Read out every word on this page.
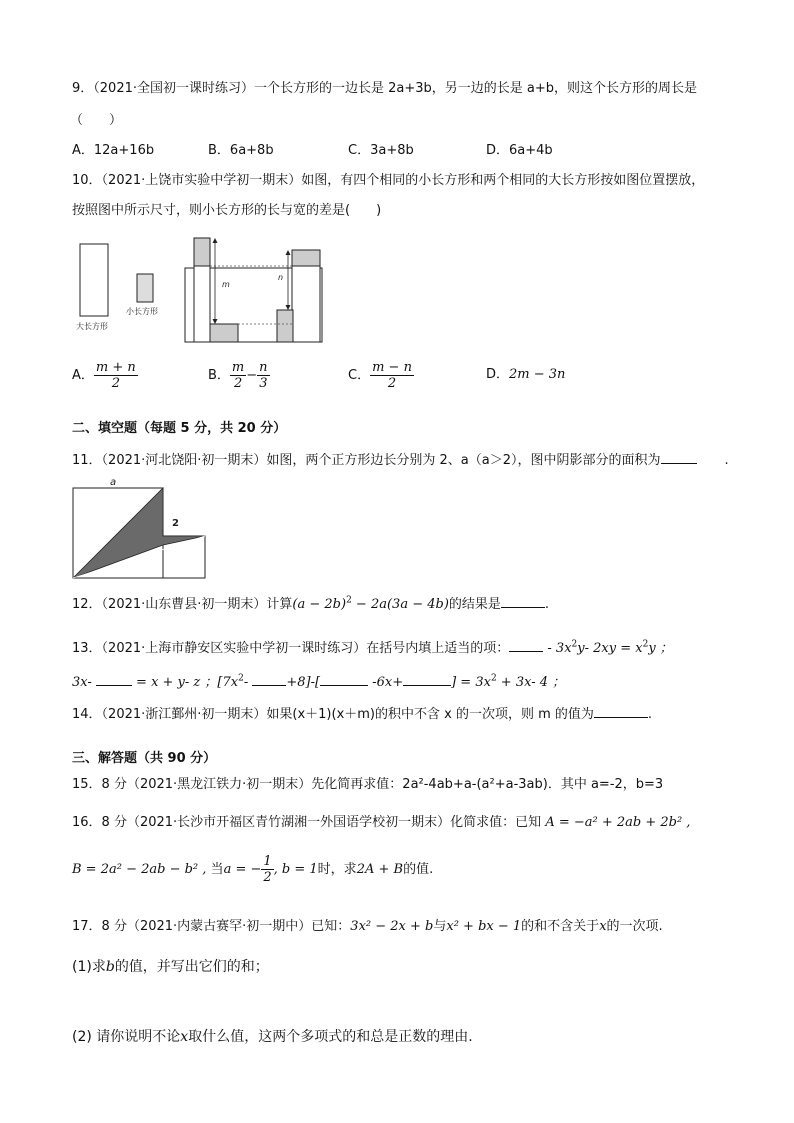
9．（2021·全国初一课时练习）一个长方形的一边长是 2a+3b，另一边的长是 a+b，则这个长方形的周长是
（　　）
A．12a+16b	B．6a+8b	C．3a+8b	D．6a+4b
10．（2021·上饶市实验中学初一期末）如图，有四个相同的小长方形和两个相同的大长方形按如图位置摆放，
按照图中所示尺寸，则小长方形的长与宽的差是(　　)
大长方形
小长方形
m
n
A． $\frac{m + n}{2}$	B． $\frac{m}{2} - \frac{n}{3}$	C． $\frac{m - n}{2}$	D．2m − 3n
二、填空题（每题 5 分，共 20 分）
11．（2021·河北饶阳·初一期末）如图，两个正方形边长分别为 2、a（a＞2），图中阴影部分的面积为	.
a
2
12．（2021·山东曹县·初一期末）计算$(a - 2b)^2 - 2a(3a - 4b)$的结果是	.
13．（2021·上海市静安区实验中学初一课时练习）在括号内填上适当的项：	- $3x^2y-$ $2xy = x^2y$ ；
3x-	= x + y- z ；[$7x^2-$	+8]-[	-6x+	] = $3x^2 + 3x-$ 4 ；
14．（2021·浙江鄞州·初一期末）如果(x＋1)(x＋m)的积中不含 x 的一次项，则 m 的值为	.
三、解答题（共 90 分）
15．8 分（2021·黑龙江铁力·初一期末）先化简再求值：2a²-4ab+a-(a²+a-3ab)．其中 a=-2，b=3
16．8 分（2021·长沙市开福区青竹湖湘一外国语学校初一期末）化简求值：已知 A = −a² + 2ab + 2b² ,
B = 2a² − 2ab − b² , 当a = − $\frac{1}{2}$ , b = 1时，求2A + B的值.
17．8 分（2021·内蒙古赛罕·初一期中）已知：3x² − 2x + b与x² + bx − 1的和不含关于x的一次项.
(1)求b的值，并写出它们的和；
(2) 请你说明不论x取什么值，这两个多项式的和总是正数的理由.
